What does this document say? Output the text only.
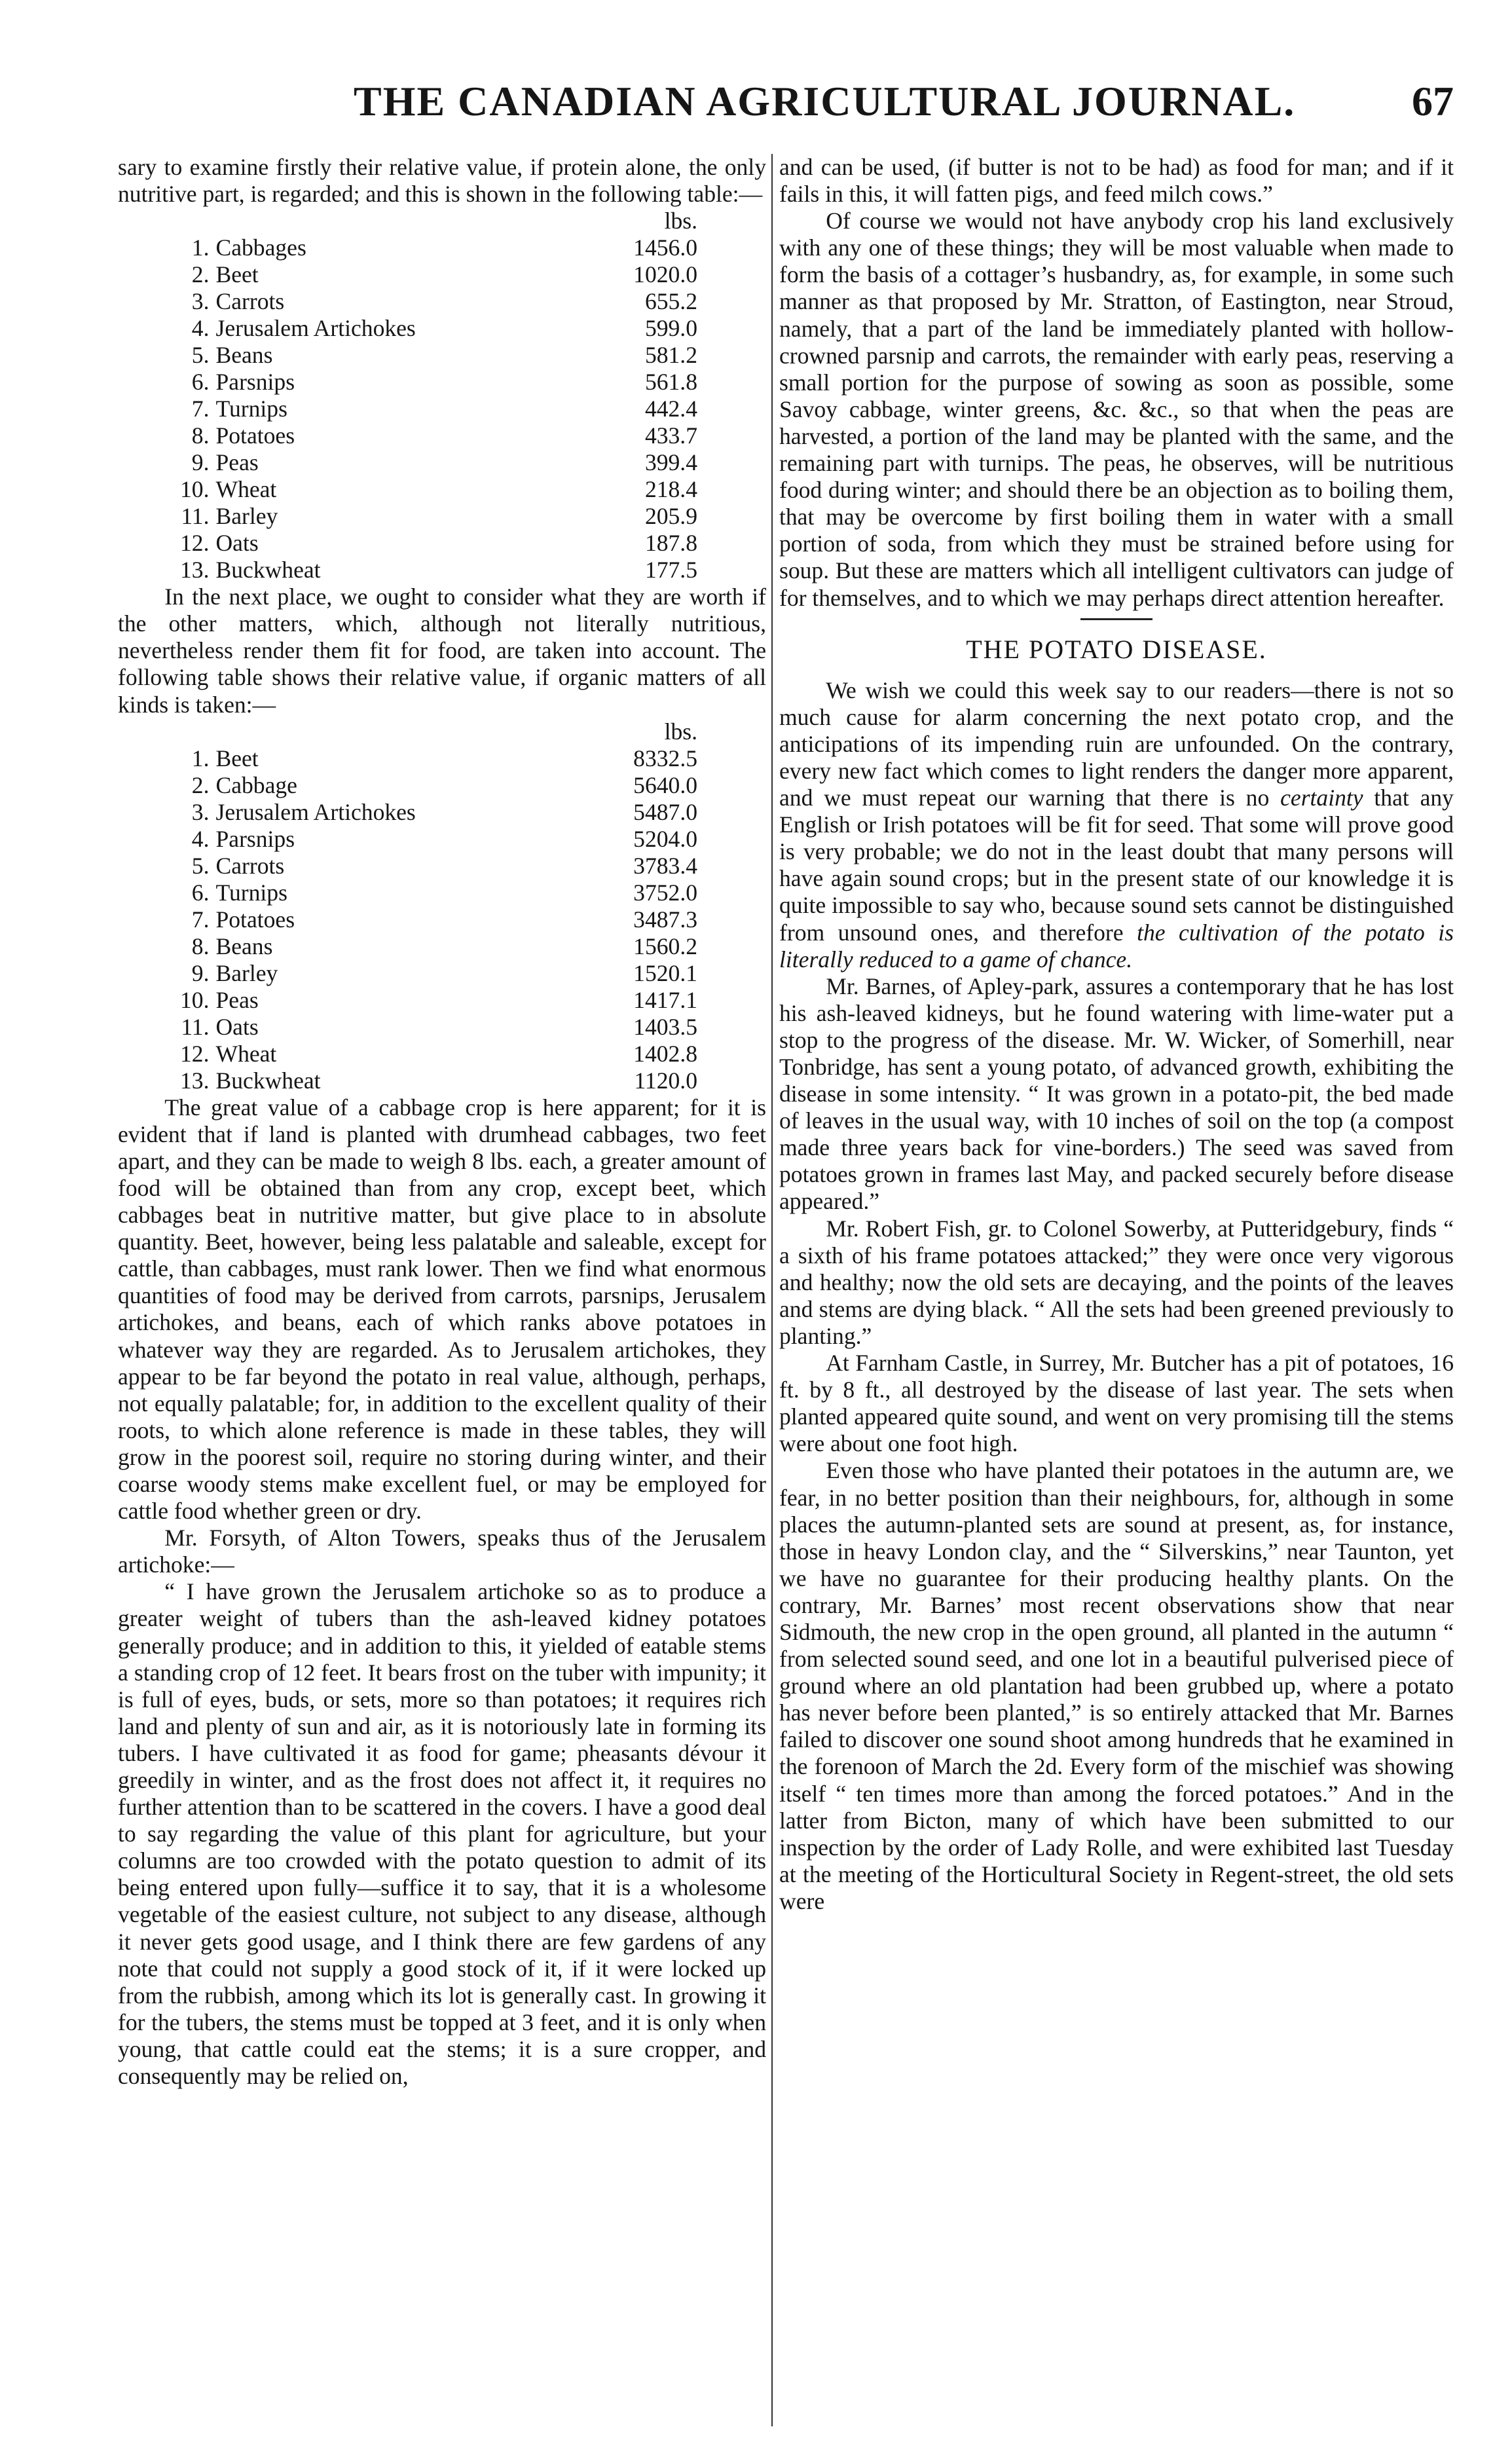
THE CANADIAN AGRICULTURAL JOURNAL.	67

sary to examine firstly their relative value, if protein alone, the only nutritive part, is regarded; and this is shown in the following table:—

lbs.
1.	Cabbages	1456.0
2.	Beet	1020.0
3.	Carrots	655.2
4.	Jerusalem Artichokes	599.0
5.	Beans	581.2
6.	Parsnips	561.8
7.	Turnips	442.4
8.	Potatoes	433.7
9.	Peas	399.4
10.	Wheat	218.4
11.	Barley	205.9
12.	Oats	187.8
13.	Buckwheat	177.5

In the next place, we ought to consider what they are worth if the other matters, which, although not literally nutritious, nevertheless render them fit for food, are taken into account. The following table shows their relative value, if organic matters of all kinds is taken:—

lbs.
1.	Beet	8332.5
2.	Cabbage	5640.0
3.	Jerusalem Artichokes	5487.0
4.	Parsnips	5204.0
5.	Carrots	3783.4
6.	Turnips	3752.0
7.	Potatoes	3487.3
8.	Beans	1560.2
9.	Barley	1520.1
10.	Peas	1417.1
11.	Oats	1403.5
12.	Wheat	1402.8
13.	Buckwheat	1120.0

The great value of a cabbage crop is here apparent; for it is evident that if land is planted with drumhead cabbages, two feet apart, and they can be made to weigh 8 lbs. each, a greater amount of food will be obtained than from any crop, except beet, which cabbages beat in nutritive matter, but give place to in absolute quantity. Beet, however, being less palatable and saleable, except for cattle, than cabbages, must rank lower. Then we find what enormous quantities of food may be derived from carrots, parsnips, Jerusalem artichokes, and beans, each of which ranks above potatoes in whatever way they are regarded. As to Jerusalem artichokes, they appear to be far beyond the potato in real value, although, perhaps, not equally palatable; for, in addition to the excellent quality of their roots, to which alone reference is made in these tables, they will grow in the poorest soil, require no storing during winter, and their coarse woody stems make excellent fuel, or may be employed for cattle food whether green or dry.

Mr. Forsyth, of Alton Towers, speaks thus of the Jerusalem artichoke:—

“ I have grown the Jerusalem artichoke so as to produce a greater weight of tubers than the ash-leaved kidney potatoes generally produce; and in addition to this, it yielded of eatable stems a standing crop of 12 feet. It bears frost on the tuber with impunity; it is full of eyes, buds, or sets, more so than potatoes; it requires rich land and plenty of sun and air, as it is notoriously late in forming its tubers. I have cultivated it as food for game; pheasants dévour it greedily in winter, and as the frost does not affect it, it requires no further attention than to be scattered in the covers. I have a good deal to say regarding the value of this plant for agriculture, but your columns are too crowded with the potato question to admit of its being entered upon fully—suffice it to say, that it is a wholesome vegetable of the easiest culture, not subject to any disease, although it never gets good usage, and I think there are few gardens of any note that could not supply a good stock of it, if it were locked up from the rubbish, among which its lot is generally cast. In growing it for the tubers, the stems must be topped at 3 feet, and it is only when young, that cattle could eat the stems; it is a sure cropper, and consequently may be relied on,

and can be used, (if butter is not to be had) as food for man; and if it fails in this, it will fatten pigs, and feed milch cows.”

Of course we would not have anybody crop his land exclusively with any one of these things; they will be most valuable when made to form the basis of a cottager’s husbandry, as, for example, in some such manner as that proposed by Mr. Stratton, of Eastington, near Stroud, namely, that a part of the land be immediately planted with hollow-crowned parsnip and carrots, the remainder with early peas, reserving a small portion for the purpose of sowing as soon as possible, some Savoy cabbage, winter greens, &c. &c., so that when the peas are harvested, a portion of the land may be planted with the same, and the remaining part with turnips. The peas, he observes, will be nutritious food during winter; and should there be an objection as to boiling them, that may be overcome by first boiling them in water with a small portion of soda, from which they must be strained before using for soup. But these are matters which all intelligent cultivators can judge of for themselves, and to which we may perhaps direct attention hereafter.

THE POTATO DISEASE.

We wish we could this week say to our readers—there is not so much cause for alarm concerning the next potato crop, and the anticipations of its impending ruin are unfounded. On the contrary, every new fact which comes to light renders the danger more apparent, and we must repeat our warning that there is no certainty that any English or Irish potatoes will be fit for seed. That some will prove good is very probable; we do not in the least doubt that many persons will have again sound crops; but in the present state of our knowledge it is quite impossible to say who, because sound sets cannot be distinguished from unsound ones, and therefore the cultivation of the potato is literally reduced to a game of chance.

Mr. Barnes, of Apley-park, assures a contemporary that he has lost his ash-leaved kidneys, but he found watering with lime-water put a stop to the progress of the disease. Mr. W. Wicker, of Somerhill, near Tonbridge, has sent a young potato, of advanced growth, exhibiting the disease in some intensity. “ It was grown in a potato-pit, the bed made of leaves in the usual way, with 10 inches of soil on the top (a compost made three years back for vine-borders.) The seed was saved from potatoes grown in frames last May, and packed securely before disease appeared.”

Mr. Robert Fish, gr. to Colonel Sowerby, at Putteridgebury, finds “ a sixth of his frame potatoes attacked;” they were once very vigorous and healthy; now the old sets are decaying, and the points of the leaves and stems are dying black. “ All the sets had been greened previously to planting.”

At Farnham Castle, in Surrey, Mr. Butcher has a pit of potatoes, 16 ft. by 8 ft., all destroyed by the disease of last year. The sets when planted appeared quite sound, and went on very promising till the stems were about one foot high.

Even those who have planted their potatoes in the autumn are, we fear, in no better position than their neighbours, for, although in some places the autumn-planted sets are sound at present, as, for instance, those in heavy London clay, and the “ Silverskins,” near Taunton, yet we have no guarantee for their producing healthy plants. On the contrary, Mr. Barnes’ most recent observations show that near Sidmouth, the new crop in the open ground, all planted in the autumn “ from selected sound seed, and one lot in a beautiful pulverised piece of ground where an old plantation had been grubbed up, where a potato has never before been planted,” is so entirely attacked that Mr. Barnes failed to discover one sound shoot among hundreds that he examined in the forenoon of March the 2d. Every form of the mischief was showing itself “ ten times more than among the forced potatoes.” And in the latter from Bicton, many of which have been submitted to our inspection by the order of Lady Rolle, and were exhibited last Tuesday at the meeting of the Horticultural Society in Regent-street, the old sets were
